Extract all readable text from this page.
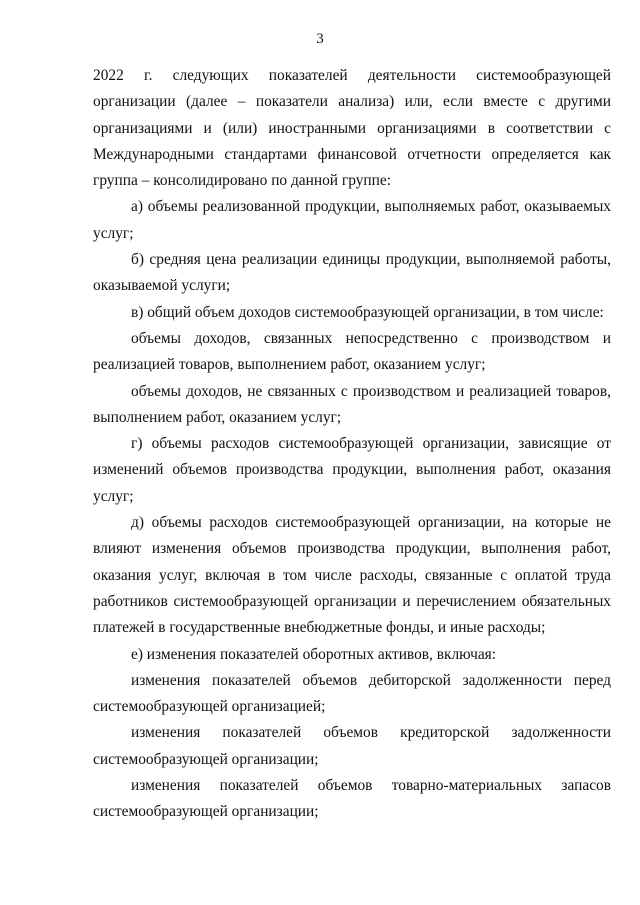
3

2022 г. следующих показателей деятельности системообразующей организации (далее – показатели анализа) или, если вместе с другими организациями и (или) иностранными организациями в соответствии с Международными стандартами финансовой отчетности определяется как группа – консолидировано по данной группе:

а) объемы реализованной продукции, выполняемых работ, оказываемых услуг;

б) средняя цена реализации единицы продукции, выполняемой работы, оказываемой услуги;

в) общий объем доходов системообразующей организации, в том числе:

объемы доходов, связанных непосредственно с производством и реализацией товаров, выполнением работ, оказанием услуг;

объемы доходов, не связанных с производством и реализацией товаров, выполнением работ, оказанием услуг;

г) объемы расходов системообразующей организации, зависящие от изменений объемов производства продукции, выполнения работ, оказания услуг;

д) объемы расходов системообразующей организации, на которые не влияют изменения объемов производства продукции, выполнения работ, оказания услуг, включая в том числе расходы, связанные с оплатой труда работников системообразующей организации и перечислением обязательных платежей в государственные внебюджетные фонды, и иные расходы;

е) изменения показателей оборотных активов, включая:

изменения показателей объемов дебиторской задолженности перед системообразующей организацией;

изменения показателей объемов кредиторской задолженности системообразующей организации;

изменения показателей объемов товарно-материальных запасов системообразующей организации;
